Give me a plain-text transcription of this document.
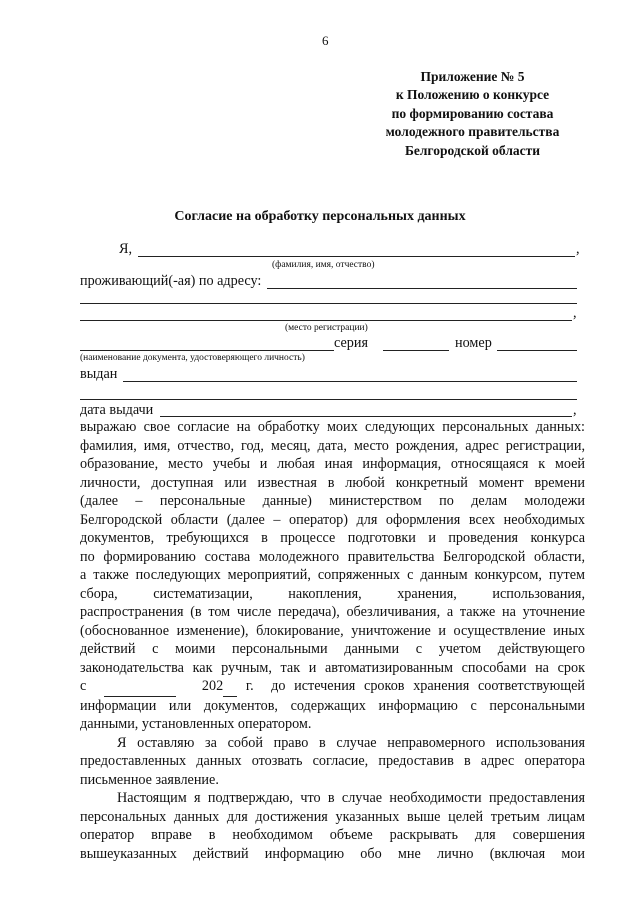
6
Приложение № 5
к Положению о конкурсе
по формированию состава
молодежного правительства
Белгородской области
Согласие на обработку персональных данных
Я,	,
(фамилия, имя, отчество)
проживающий(-ая) по адресу:
,
(место регистрации)
серия	номер
(наименование документа, удостоверяющего личность)
выдан
дата выдачи	,

выражаю свое согласие на обработку моих следующих персональных данных:

фамилия, имя, отчество, год, месяц, дата, место рождения, адрес регистрации,

образование, место учебы и любая иная информация, относящаяся к моей

личности, доступная или известная в любой конкретный момент времени

(далее – персональные данные) министерством по делам молодежи

Белгородской области (далее – оператор) для оформления всех необходимых

документов, требующихся в процессе подготовки и проведения конкурса

по формированию состава молодежного правительства Белгородской области,

а также последующих мероприятий, сопряженных с данным конкурсом, путем

сбора, систематизации, накопления, хранения, использования,

распространения (в том числе передача), обезличивания, а также на уточнение

(обоснованное изменение), блокирование, уничтожение и осуществление иных

действий с моими персональными данными с учетом действующего

законодательства как ручным, так и автоматизированным способами на срок

с	202 г. до истечения сроков хранения соответствующей

информации или документов, содержащих информацию с персональными

данными, установленных оператором.

Я оставляю за собой право в случае неправомерного использования

предоставленных данных отозвать согласие, предоставив в адрес оператора

письменное заявление.

Настоящим я подтверждаю, что в случае необходимости предоставления

персональных данных для достижения указанных выше целей третьим лицам

оператор вправе в необходимом объеме раскрывать для совершения

вышеуказанных действий информацию обо мне лично (включая мои
